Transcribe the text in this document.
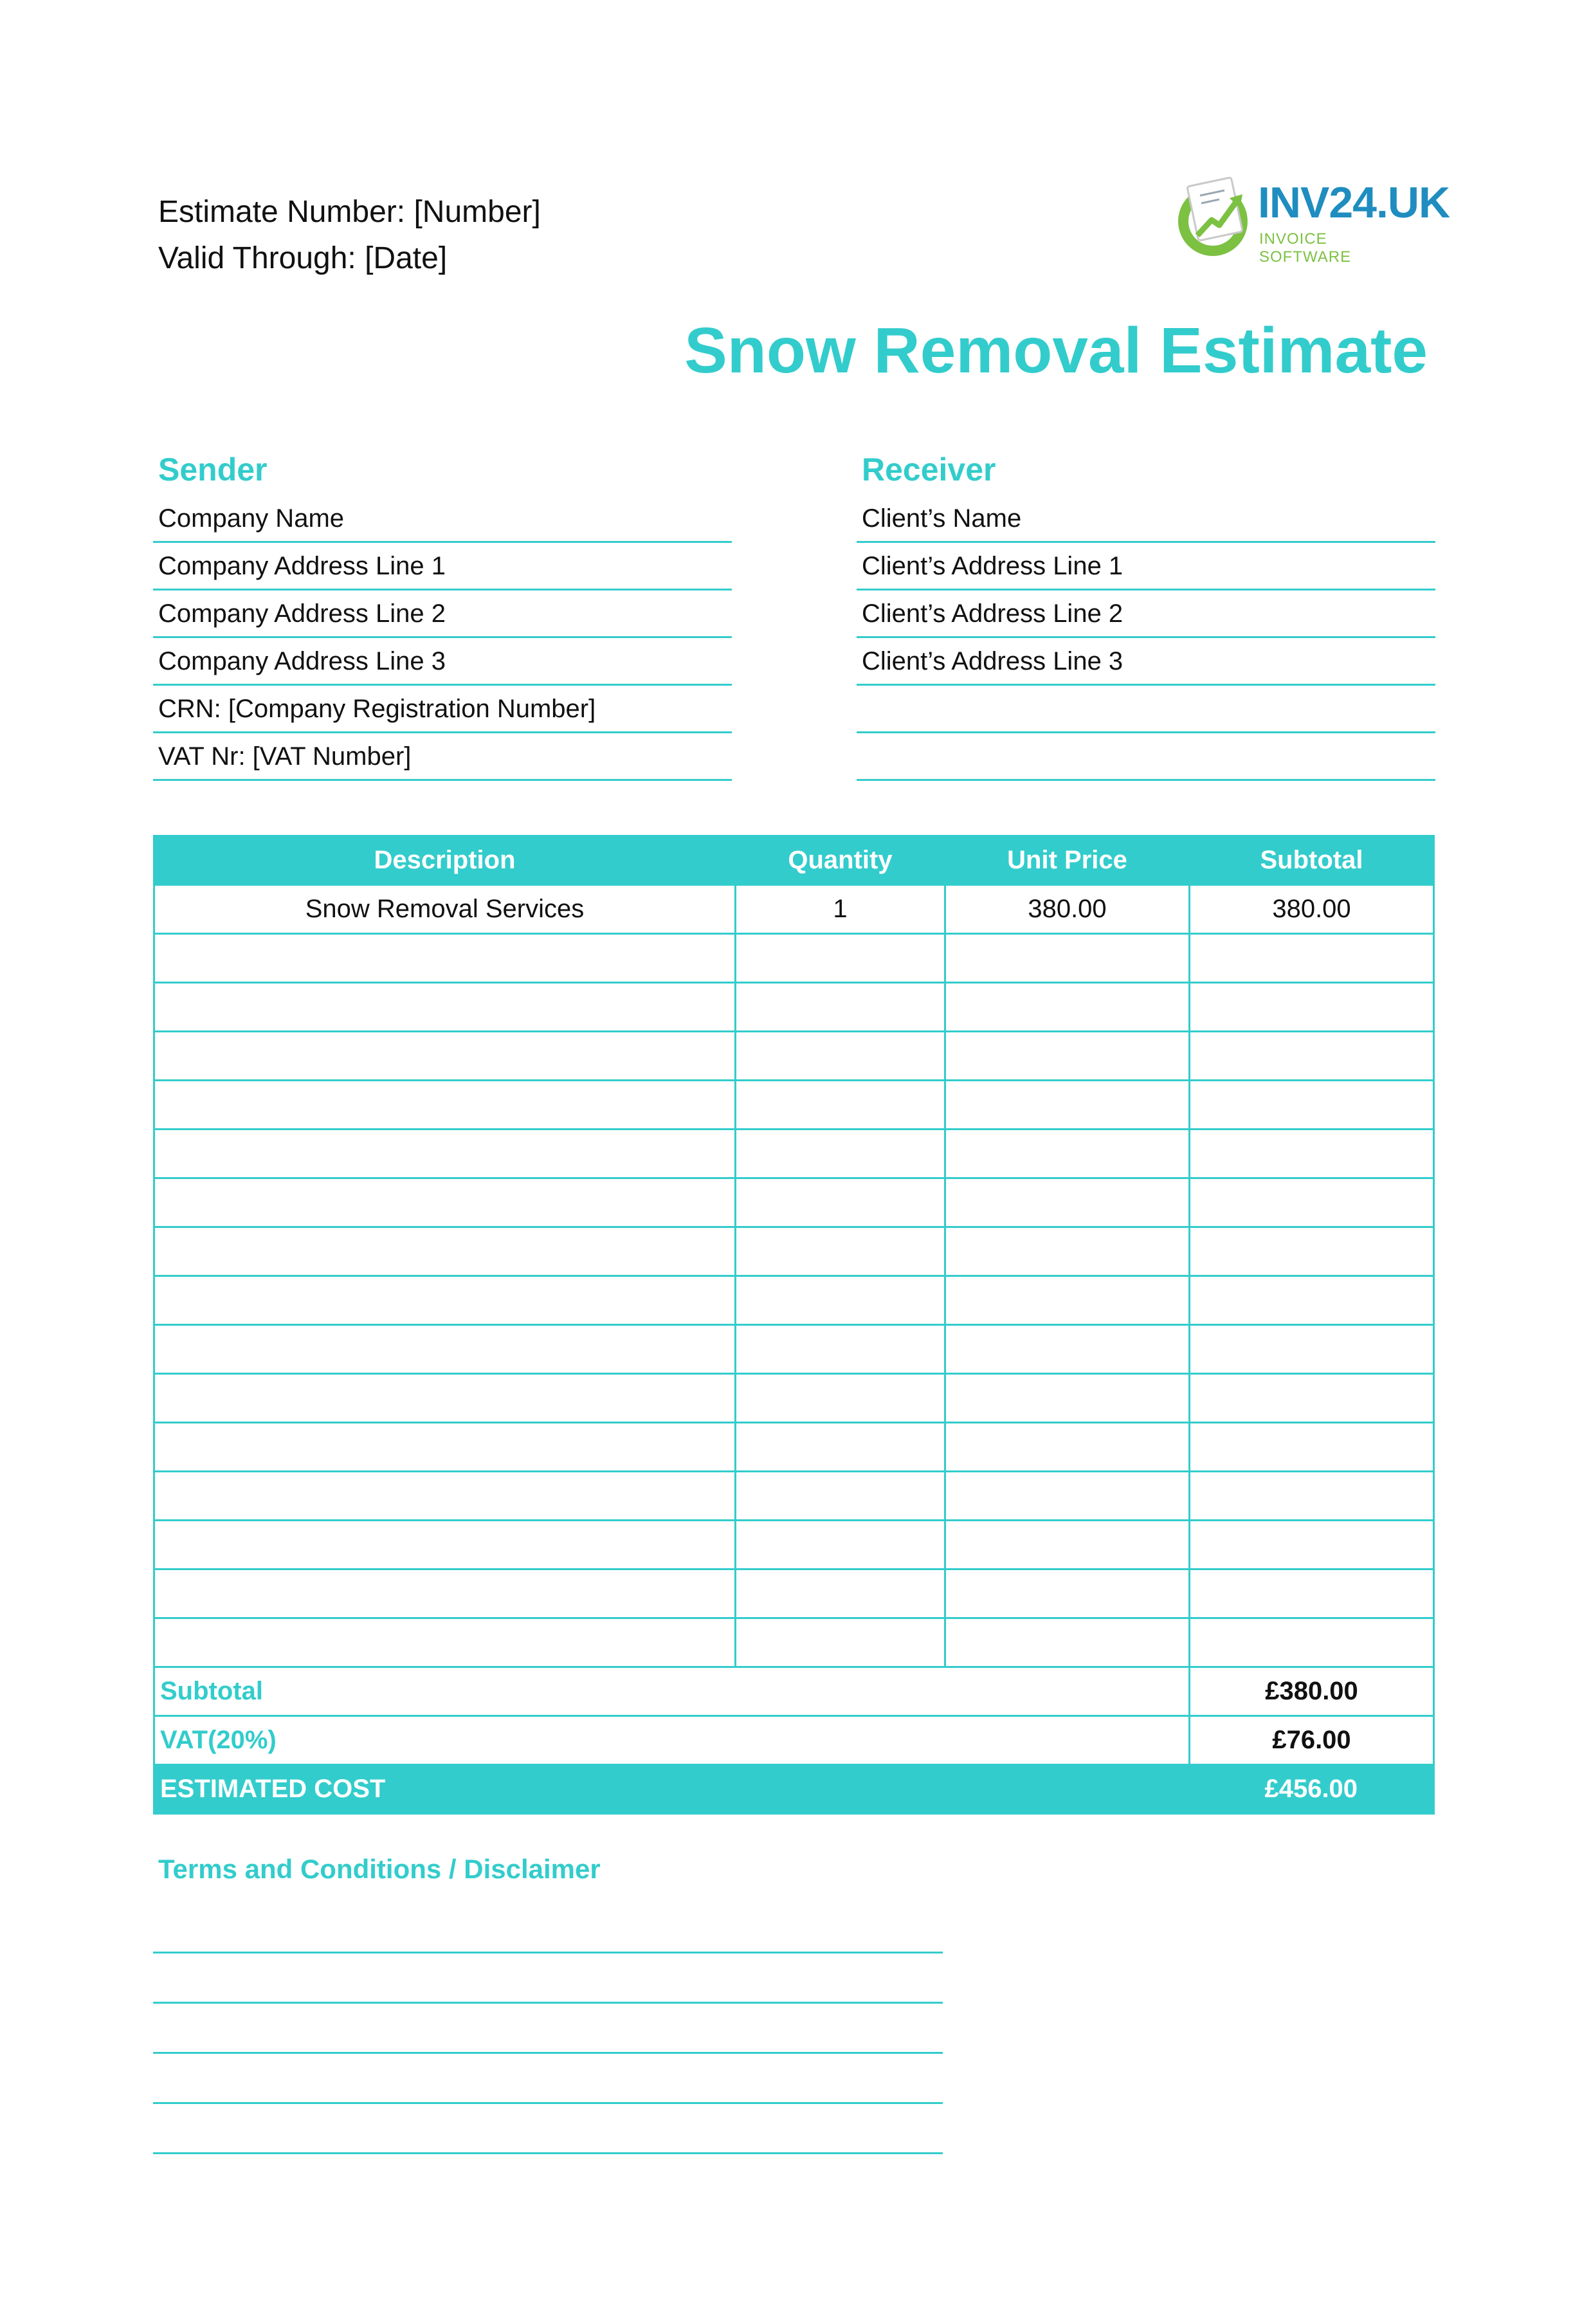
Estimate Number: [Number]
Valid Through: [Date]
INV24.UK
INVOICE SOFTWARE
Snow Removal Estimate
Sender
Company Name
Company Address Line 1
Company Address Line 2
Company Address Line 3
CRN: [Company Registration Number]
VAT Nr: [VAT Number]
Receiver
Client’s Name
Client’s Address Line 1
Client’s Address Line 2
Client’s Address Line 3
Description	Quantity	Unit Price	Subtotal
Snow Removal Services	1	380.00	380.00

Subtotal			£380.00
VAT(20%)			£76.00
ESTIMATED COST			£456.00
Terms and Conditions / Disclaimer
